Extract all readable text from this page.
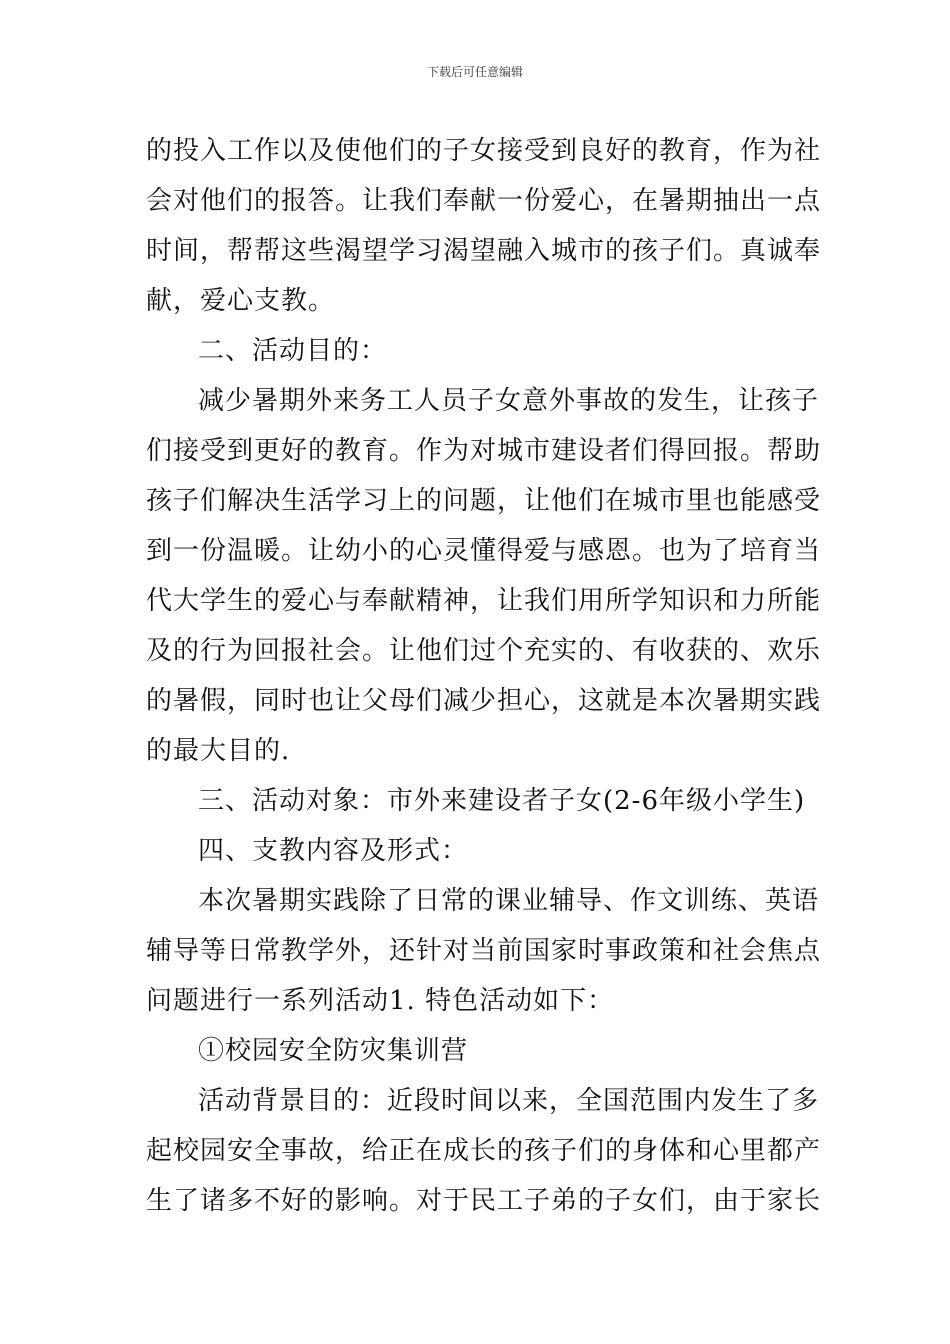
下载后可任意编辑
的投入工作以及使他们的子女接受到良好的教育，作为社
会对他们的报答。让我们奉献一份爱心，在暑期抽出一点
时间，帮帮这些渴望学习渴望融入城市的孩子们。真诚奉
献，爱心支教。
二、活动目的：
减少暑期外来务工人员子女意外事故的发生，让孩子
们接受到更好的教育。作为对城市建设者们得回报。帮助
孩子们解决生活学习上的问题，让他们在城市里也能感受
到一份温暖。让幼小的心灵懂得爱与感恩。也为了培育当
代大学生的爱心与奉献精神，让我们用所学知识和力所能
及的行为回报社会。让他们过个充实的、有收获的、欢乐
的暑假，同时也让父母们减少担心，这就是本次暑期实践
的最大目的.
三、活动对象：市外来建设者子女(2-6年级小学生)
四、支教内容及形式：
本次暑期实践除了日常的课业辅导、作文训练、英语
辅导等日常教学外，还针对当前国家时事政策和社会焦点
问题进行一系列活动1. 特色活动如下：
①校园安全防灾集训营
活动背景目的：近段时间以来，全国范围内发生了多
起校园安全事故，给正在成长的孩子们的身体和心里都产
生了诸多不好的影响。对于民工子弟的子女们，由于家长
